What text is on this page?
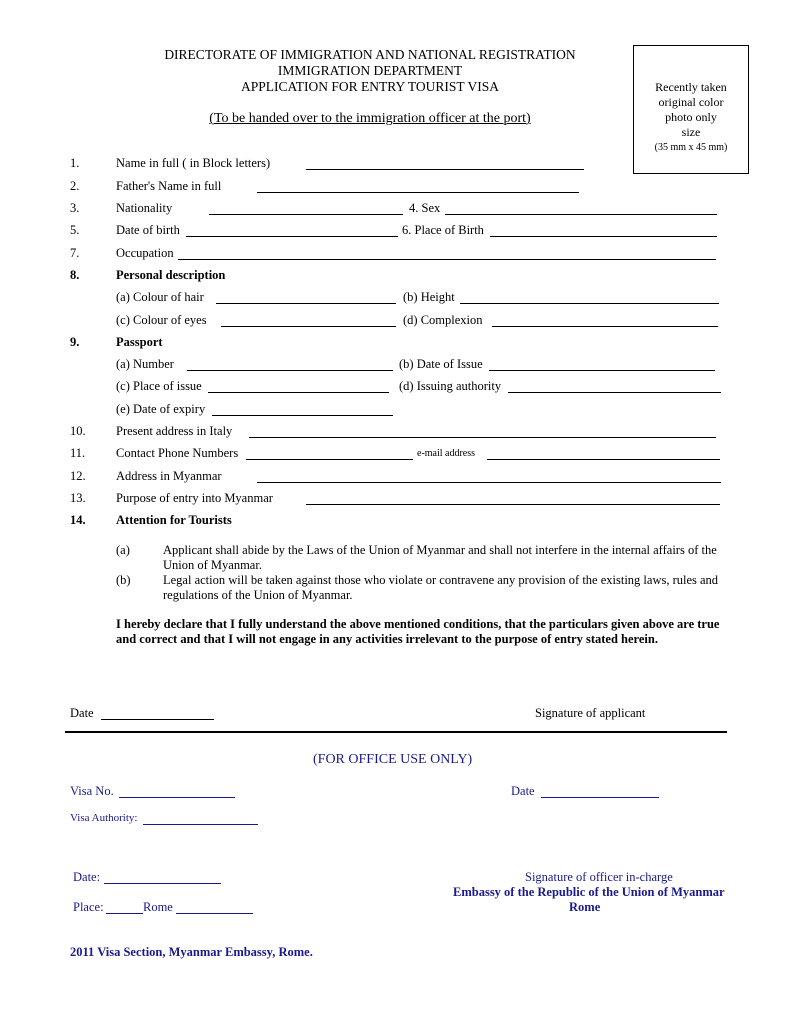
DIRECTORATE OF IMMIGRATION AND NATIONAL REGISTRATION
IMMIGRATION DEPARTMENT
APPLICATION FOR ENTRY TOURIST VISA
(To be handed over to the immigration officer at the port)
Recently taken
original color
photo only
size
(35 mm x 45 mm)
1.	Name in full ( in Block letters)
2.	Father's Name in full
3.	Nationality	4. Sex
5.	Date of birth	6. Place of Birth
7.	Occupation
8.	Personal description
(a) Colour of hair	(b) Height
(c) Colour of eyes	(d) Complexion
9.	Passport
(a) Number	(b) Date of Issue
(c) Place of issue	(d) Issuing authority
(e) Date of expiry
10. Present address in Italy
11. Contact Phone Numbers	e-mail address
12. Address in Myanmar
13. Purpose of entry into Myanmar
14. Attention for Tourists
(a)	Applicant shall abide by the Laws of the Union of Myanmar and shall not interfere in the internal affairs of the Union of Myanmar.
(b)	Legal action will be taken against those who violate or contravene any provision of the existing laws, rules and regulations of the Union of Myanmar.
I hereby declare that I fully understand the above mentioned conditions, that the particulars given above are true and correct and that I will not engage in any activities irrelevant to the purpose of entry stated herein.
Date	Signature of applicant
(FOR OFFICE USE ONLY)
Visa No.	Date
Visa Authority:
Date:
Place:	Rome
Signature of officer in-charge
Embassy of the Republic of the Union of Myanmar
Rome
2011 Visa Section, Myanmar Embassy, Rome.
